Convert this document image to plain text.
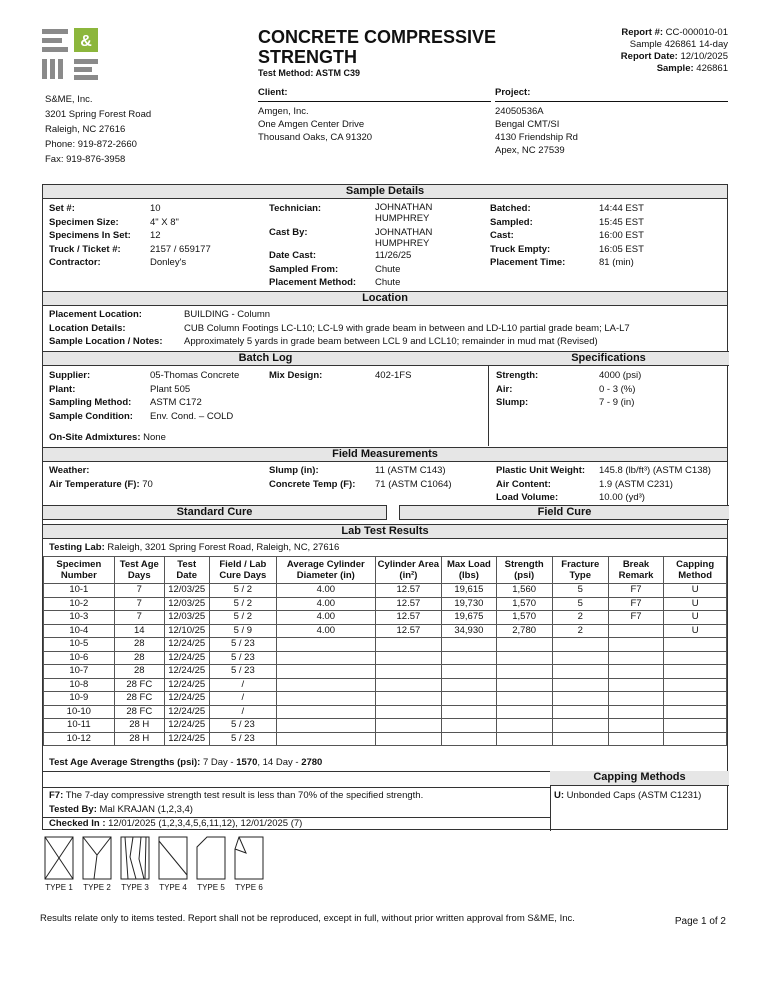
&	CONCRETE COMPRESSIVE STRENGTH
Test Method: ASTM C39
Report #: CC-000010-01
Sample 426861 14-day
Report Date: 12/10/2025
Sample: 426861
S&ME, Inc.
3201 Spring Forest Road
Raleigh, NC 27616
Phone: 919-872-2660
Fax: 919-876-3958
Client:
Amgen, Inc.
One Amgen Center Drive
Thousand Oaks, CA 91320
Project:
24050536A
Bengal CMT/SI
4130 Friendship Rd
Apex, NC 27539
Sample Details
Set #:	10
Specimen Size:	4" X 8"
Specimens In Set: 12
Truck / Ticket #:	2157 / 659177
Contractor:	Donley's
Technician:	JOHNATHAN HUMPHREY
Cast By:	JOHNATHAN HUMPHREY
Date Cast:	11/26/25
Sampled From:	Chute
Placement Method: Chute
Batched:	14:44 EST
Sampled:	15:45 EST
Cast:	16:00 EST
Truck Empty:	16:05 EST
Placement Time:	81 (min)
Location
Placement Location:	BUILDING - Column
Location Details:	CUB Column Footings LC-L10; LC-L9 with grade beam in between and LD-L10 partial grade beam; LA-L7
Sample Location / Notes: Approximately 5 yards in grade beam between LCL 9 and LCL10; remainder in mud mat (Revised)
Batch Log	Specifications
Supplier:	05-Thomas Concrete
Plant:	Plant 505
Sampling Method: ASTM C172
Sample Condition: Env. Cond. – COLD
Mix Design:	402-1FS	Strength:	4000 (psi)
Air:	0 - 3 (%)
Slump:	7 - 9 (in)
On-Site Admixtures: None
Field Measurements
Weather:
Air Temperature (F): 70
Slump (in):	11 (ASTM C143)
Concrete Temp (F): 71 (ASTM C1064)
Plastic Unit Weight: 145.8 (lb/ft³) (ASTM C138)
Air Content:	1.9 (ASTM C231)
Load Volume:	10.00 (yd³)
Standard Cure	Field Cure
Lab Test Results
Testing Lab: Raleigh, 3201 Spring Forest Road, Raleigh, NC, 27616
Specimen Number	Test Age Days	Test Date	Field / Lab Cure Days	Average Cylinder Diameter (in)	Cylinder Area (in²)	Max Load (lbs)	Strength (psi)	Fracture Type	Break Remark	Capping Method
10-1	7	12/03/25	5 / 2	4.00	12.57	19,615	1,560	5	F7	U
10-2	7	12/03/25	5 / 2	4.00	12.57	19,730	1,570	5	F7	U
10-3	7	12/03/25	5 / 2	4.00	12.57	19,675	1,570	2	F7	U
10-4	14	12/10/25	5 / 9	4.00	12.57	34,930	2,780	2		U
10-5	28	12/24/25	5 / 23							
10-6	28	12/24/25	5 / 23							
10-7	28	12/24/25	5 / 23							
10-8	28 FC	12/24/25	/							
10-9	28 FC	12/24/25	/							
10-10	28 FC	12/24/25	/							
10-11	28 H	12/24/25	5 / 23							
10-12	28 H	12/24/25	5 / 23							
Test Age Average Strengths (psi): 7 Day - 1570, 14 Day - 2780
Capping Methods
U: Unbonded Caps (ASTM C1231)
F7: The 7-day compressive strength test result is less than 70% of the specified strength.
Tested By: Mal KRAJAN (1,2,3,4)
Checked In : 12/01/2025 (1,2,3,4,5,6,11,12), 12/01/2025 (7)
TYPE 1 TYPE 2 TYPE 3 TYPE 4 TYPE 5 TYPE 6
Results relate only to items tested. Report shall not be reproduced, except in full, without prior written approval from S&ME, Inc.	Page 1 of 2
